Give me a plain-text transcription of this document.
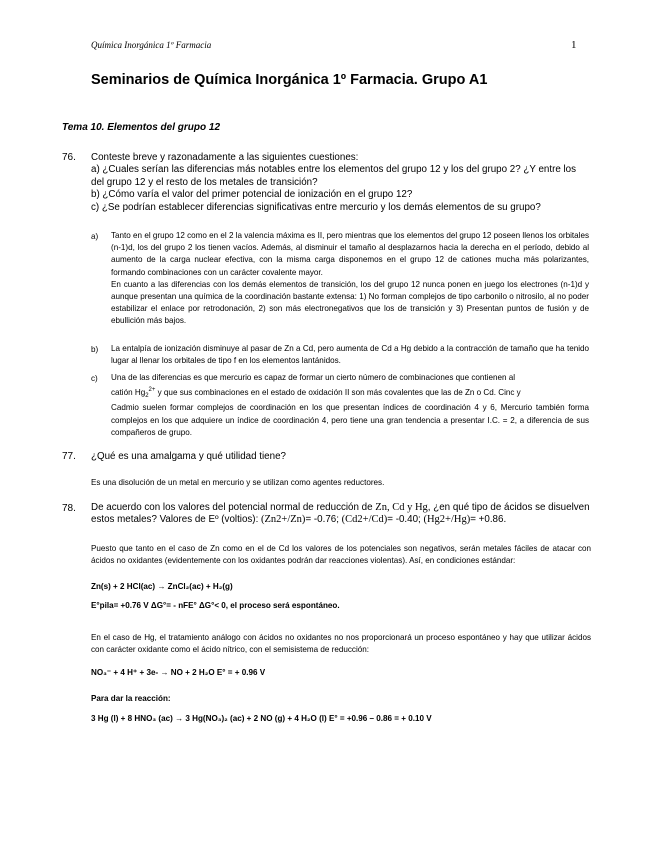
Química Inorgánica 1º Farmacia	1
Seminarios de Química Inorgánica 1º Farmacia. Grupo A1
Tema 10. Elementos del grupo 12
76. Conteste breve y razonadamente a las siguientes cuestiones:
a) ¿Cuales serían las diferencias más notables entre los elementos del grupo 12 y los del grupo 2? ¿Y entre los del grupo 12 y el resto de los metales de transición?
b) ¿Cómo varía el valor del primer potencial de ionización en el grupo 12?
c) ¿Se podrían establecer diferencias significativas entre mercurio y los demás elementos de su grupo?
a) Tanto en el grupo 12 como en el 2 la valencia máxima es II, pero mientras que los elementos del grupo 12 poseen llenos los orbitales (n-1)d, los del grupo 2 los tienen vacíos. Además, al disminuir el tamaño al desplazarnos hacia la derecha en el período, debido al aumento de la carga nuclear efectiva, con la misma carga disponemos en el grupo 12 de cationes mucha más polarizantes, formando combinaciones con un carácter covalente mayor.
En cuanto a las diferencias con los demás elementos de transición, los del grupo 12 nunca ponen en juego los electrones (n-1)d y aunque presentan una química de la coordinación bastante extensa: 1) No forman complejos de tipo carbonilo o nitrosilo, al no poder estabilizar el enlace por retrodonación, 2) son más electronegativos que los de transición y 3) Presentan puntos de fusión y de ebullición más bajos.
b) La entalpía de ionización disminuye al pasar de Zn a Cd, pero aumenta de Cd a Hg debido a la contracción de tamaño que ha tenido lugar al llenar los orbitales de tipo f en los elementos lantánidos.
c) Una de las diferencias es que mercurio es capaz de formar un cierto número de combinaciones que contienen al
catión $Hg_2^{2+}$ y que sus combinaciones en el estado de oxidación II son más covalentes que las de Zn o Cd. Cinc y
Cadmio suelen formar complejos de coordinación en los que presentan índices de coordinación 4 y 6, Mercurio también forma complejos en los que adquiere un índice de coordinación 4, pero tiene una gran tendencia a presentar I.C. = 2, a diferencia de sus compañeros de grupo.
77. ¿Qué es una amalgama y qué utilidad tiene?
Es una disolución de un metal en mercurio y se utilizan como agentes reductores.
78. De acuerdo con los valores del potencial normal de reducción de Zn, Cd y Hg, ¿en qué tipo de ácidos se disuelven
estos metales? Valores de Eº (voltios): (Zn2+/Zn)= -0.76; (Cd2+/Cd)= -0.40; (Hg2+/Hg)= +0.86.
Puesto que tanto en el caso de Zn como en el de Cd los valores de los potenciales son negativos, serán metales fáciles de atacar con ácidos no oxidantes (evidentemente con los oxidantes podrán dar reacciones violentas). Así, en condiciones estándar:
Zn(s) + 2 HCl(ac) → ZnCl₂(ac) + H₂(g)
E°pila= +0.76 V ΔG°= - nFE° ΔG°< 0, el proceso será espontáneo.
En el caso de Hg, el tratamiento análogo con ácidos no oxidantes no nos proporcionará un proceso espontáneo y hay que utilizar ácidos con carácter oxidante como el ácido nítrico, con el semisistema de reducción:
NO₃⁻ + 4 H⁺ + 3e- → NO + 2 H₂O E° = + 0.96 V
Para dar la reacción:
3 Hg (l) + 8 HNO₃ (ac) → 3 Hg(NO₃)₂ (ac) + 2 NO (g) + 4 H₂O (l) E° = +0.96 – 0.86 = + 0.10 V
